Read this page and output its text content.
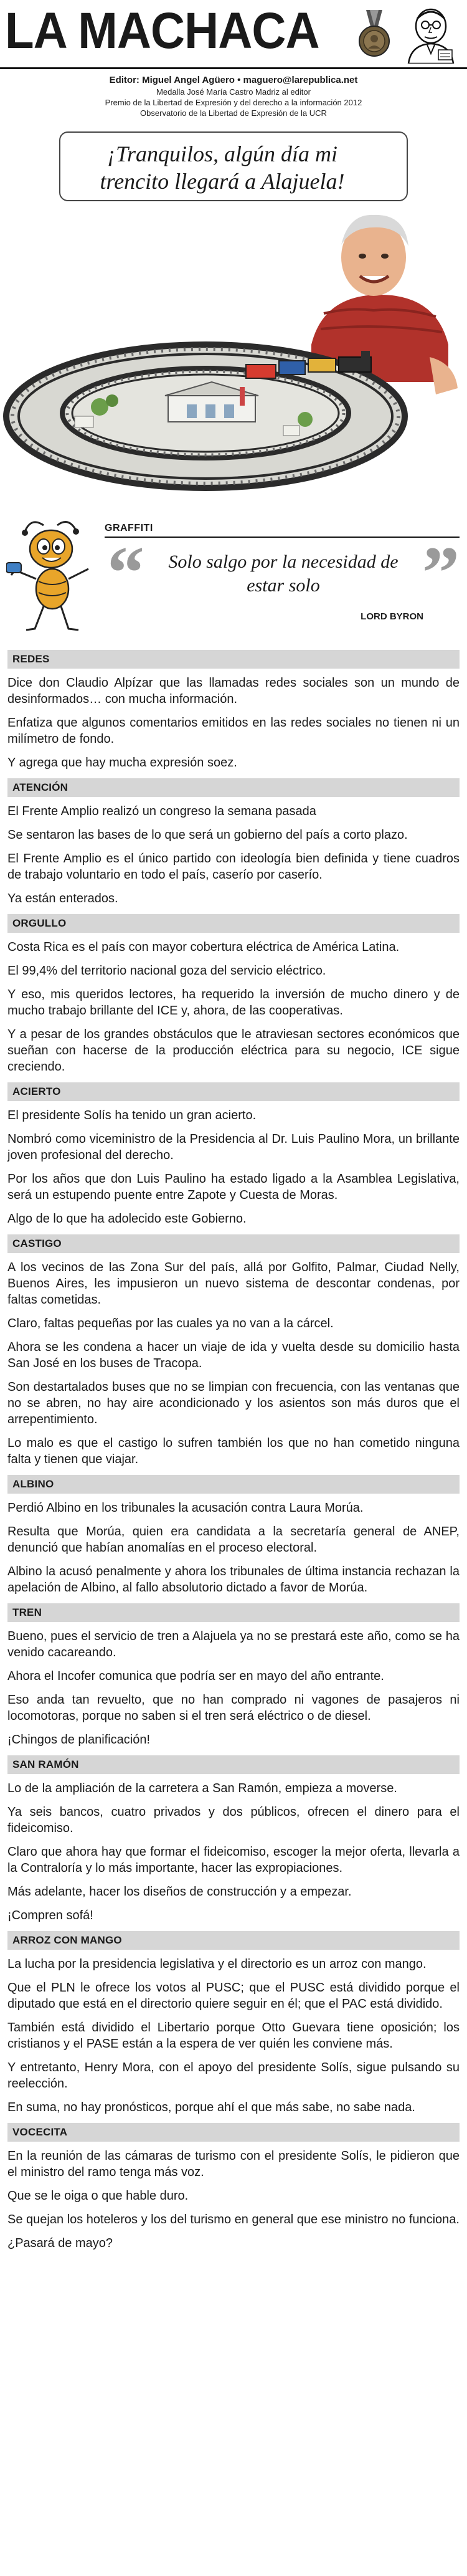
LA MACHACA
Editor: Miguel Angel Agüero • maguero@larepublica.net
Medalla José María Castro Madriz al editor
Premio de la Libertad de Expresión y del derecho a la información 2012
Observatorio de la Libertad de Expresión de la UCR
¡Tranquilos, algún día mi trencito llegará a Alajuela!
GRAFFITI
“	”
Solo salgo por la necesidad de estar solo
LORD BYRON
REDES

Dice don Claudio Alpízar que las llamadas redes sociales son un mundo de desinformados… con mucha información.

Enfatiza que algunos comentarios emitidos en las redes sociales no tienen ni un milímetro de fondo.

Y agrega que hay mucha expresión soez.

ATENCIÓN

El Frente Amplio realizó un congreso la semana pasada

Se sentaron las bases de lo que será un gobierno del país a corto plazo.

El Frente Amplio es el único partido con ideología bien definida y tiene cuadros de trabajo voluntario en todo el país, caserío por caserío.

Ya están enterados.

ORGULLO

Costa Rica es el país con mayor cobertura eléctrica de América Latina.

El 99,4% del territorio nacional goza del servicio eléctrico.

Y eso, mis queridos lectores, ha requerido la inversión de mucho dinero y de mucho trabajo brillante del ICE y, ahora, de las cooperativas.

Y a pesar de los grandes obstáculos que le atraviesan sectores económicos que sueñan con hacerse de la producción eléctrica para su negocio, ICE sigue creciendo.

ACIERTO

El presidente Solís ha tenido un gran acierto.

Nombró como viceministro de la Presidencia al Dr. Luis Paulino Mora, un brillante joven profesional del derecho.

Por los años que don Luis Paulino ha estado ligado a la Asamblea Legislativa, será un estupendo puente entre Zapote y Cuesta de Moras.

Algo de lo que ha adolecido este Gobierno.

CASTIGO

A los vecinos de las Zona Sur del país, allá por Golfito, Palmar, Ciudad Nelly, Buenos Aires, les impusieron un nuevo sistema de descontar condenas, por faltas cometidas.

Claro, faltas pequeñas por las cuales ya no van a la cárcel.

Ahora se les condena a hacer un viaje de ida y vuelta desde su domicilio hasta San José en los buses de Tracopa.

Son destartalados buses que no se limpian con frecuencia, con las ventanas que no se abren, no hay aire acondicionado y los asientos son más duros que el arrepentimiento.

Lo malo es que el castigo lo sufren también los que no han cometido ninguna falta y tienen que viajar.

ALBINO

Perdió Albino en los tribunales la acusación contra Laura Morúa.

Resulta que Morúa, quien era candidata a la secretaría general de ANEP, denunció que habían anomalías en el proceso electoral.

Albino la acusó penalmente y ahora los tribunales de última instancia rechazan la apelación de Albino, al fallo absolutorio dictado a favor de Morúa.

TREN

Bueno, pues el servicio de tren a Alajuela ya no se prestará este año, como se ha venido cacareando.

Ahora el Incofer comunica que podría ser en mayo del año entrante.

Eso anda tan revuelto, que no han comprado ni vagones de pasajeros ni locomotoras, porque no saben si el tren será eléctrico o de diesel.

¡Chingos de planificación!

SAN RAMÓN

Lo de la ampliación de la carretera a San Ramón, empieza a moverse.

Ya seis bancos, cuatro privados y dos públicos, ofrecen el dinero para el fideicomiso.

Claro que ahora hay que formar el fideicomiso, escoger la mejor oferta, llevarla a la Contraloría y lo más importante, hacer las expropiaciones.

Más adelante, hacer los diseños de construcción y a empezar.

¡Compren sofá!

ARROZ CON MANGO

La lucha por la presidencia legislativa y el directorio es un arroz con mango.

Que el PLN le ofrece los votos al PUSC; que el PUSC está dividido porque el diputado que está en el directorio quiere seguir en él; que el PAC está dividido.

También está dividido el Libertario porque Otto Guevara tiene oposición; los cristianos y el PASE están a la espera de ver quién les conviene más.

Y entretanto, Henry Mora, con el apoyo del presidente Solís, sigue pulsando su reelección.

En suma, no hay pronósticos, porque ahí el que más sabe, no sabe nada.

VOCECITA

En la reunión de las cámaras de turismo con el presidente Solís, le pidieron que el ministro del ramo tenga más voz.

Que se le oiga o que hable duro.

Se quejan los hoteleros y los del turismo en general que ese ministro no funciona.

¿Pasará de mayo?
